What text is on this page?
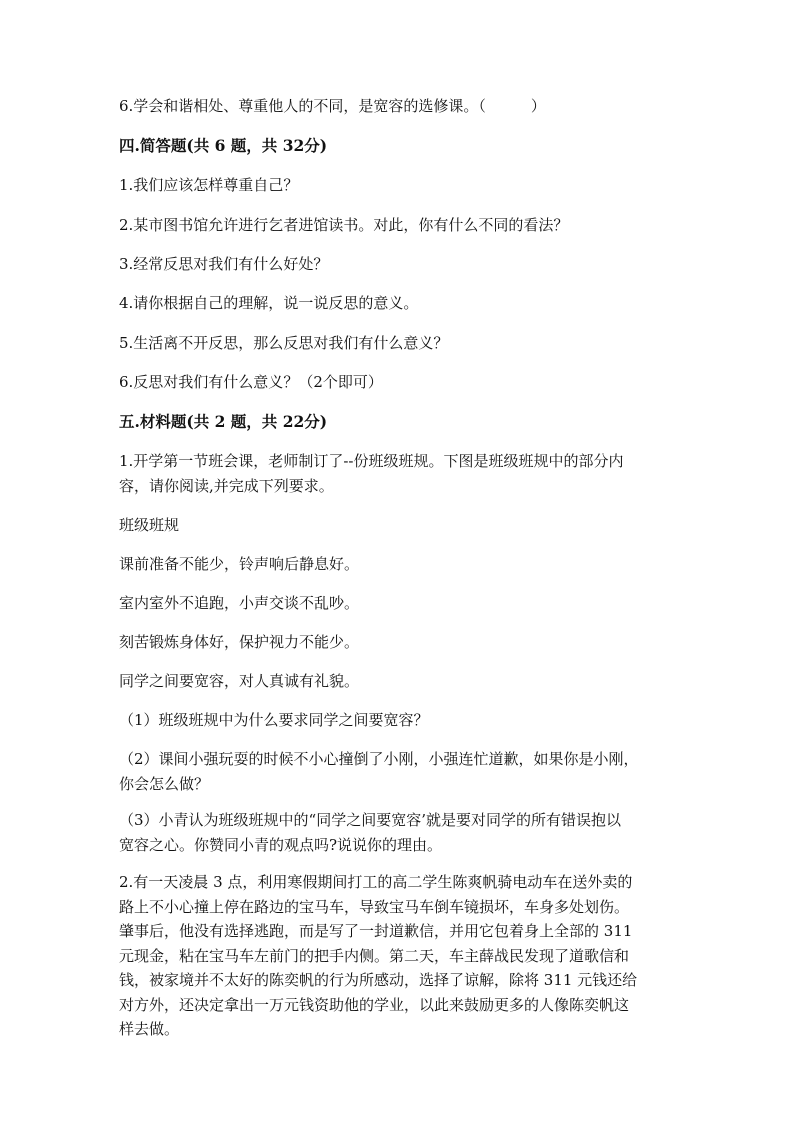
6.学会和谐相处、尊重他人的不同，是宽容的选修课。（　　　）

四.简答题(共 6 题，共 32分)

1.我们应该怎样尊重自己？

2.某市图书馆允许进行乞者进馆读书。对此，你有什么不同的看法？

3.经常反思对我们有什么好处？

4.请你根据自己的理解，说一说反思的意义。

5.生活离不开反思，那么反思对我们有什么意义？

6.反思对我们有什么意义？（2个即可）

五.材料题(共 2 题，共 22分)

1.开学第一节班会课，老师制订了--份班级班规。下图是班级班规中的部分内

容，请你阅读,并完成下列要求。

班级班规

课前准备不能少，铃声响后静息好。

室内室外不追跑，小声交谈不乱吵。

刻苦锻炼身体好，保护视力不能少。

同学之间要宽容，对人真诚有礼貌。

（1）班级班规中为什么要求同学之间要宽容？

（2）课间小强玩耍的时候不小心撞倒了小刚，小强连忙道歉，如果你是小刚，

你会怎么做？

（3）小青认为班级班规中的“同学之间要宽容’就是要对同学的所有错误抱以

宽容之心。你赞同小青的观点吗?说说你的理由。

2.有一天凌晨 3 点，利用寒假期间打工的高二学生陈爽帆骑电动车在送外卖的

路上不小心撞上停在路边的宝马车，导致宝马车倒车镜损坏，车身多处划伤。

肇事后，他没有选择逃跑，而是写了一封道歉信，并用它包着身上全部的 311

元现金，粘在宝马车左前门的把手内侧。第二天，车主薛战民发现了道歌信和

钱，被家境并不太好的陈奕帆的行为所感动，选择了谅解，除将 311 元钱还给

对方外，还决定拿出一万元钱资助他的学业，以此来鼓励更多的人像陈奕帆这

样去做。
